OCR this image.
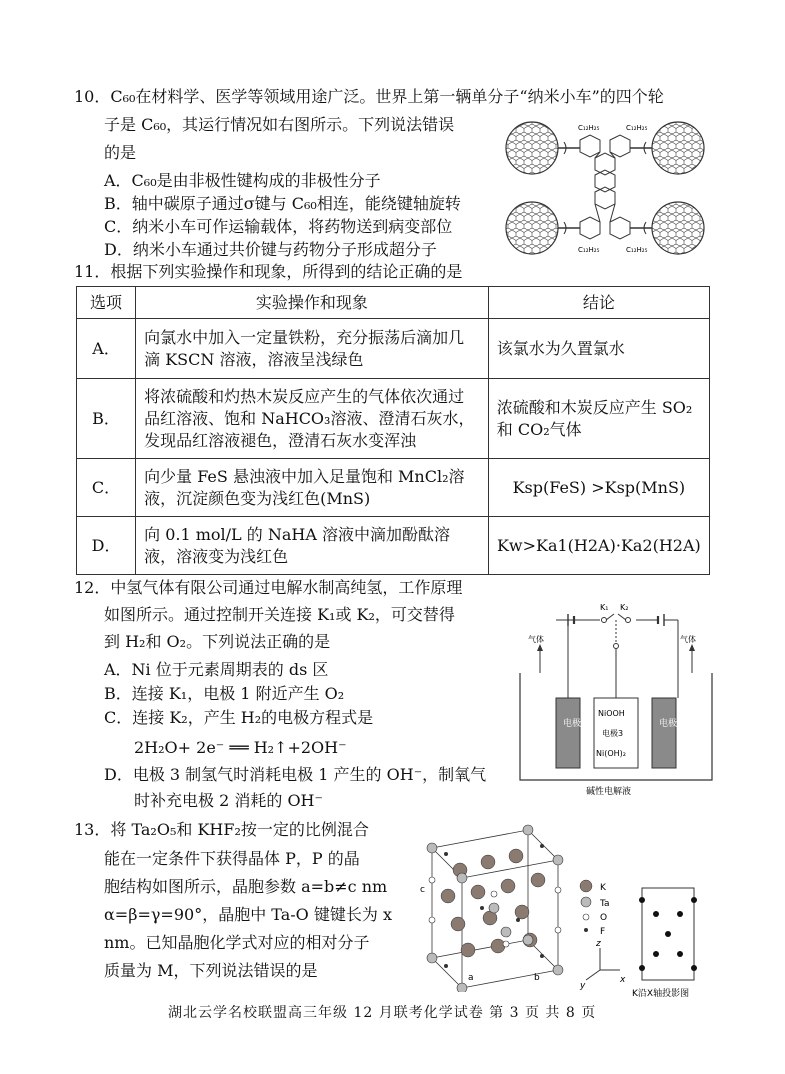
10．C₆₀在材料学、医学等领域用途广泛。世界上第一辆单分子“纳米小车”的四个轮
子是 C₆₀，其运行情况如右图所示。下列说法错误
的是
A．C₆₀是由非极性键构成的非极性分子
B．轴中碳原子通过σ键与 C₆₀相连，能绕键轴旋转
C．纳米小车可作运输载体，将药物送到病变部位
D．纳米小车通过共价键与药物分子形成超分子
C₁₂H₂₅	C₁₂H₂₅
C₁₂H₂₅	C₁₂H₂₅
11．根据下列实验操作和现象，所得到的结论正确的是
选项	实验操作和现象	结论
A．	向氯水中加入一定量铁粉，充分振荡后滴加几滴 KSCN 溶液，溶液呈浅绿色	该氯水为久置氯水
B．	将浓硫酸和灼热木炭反应产生的气体依次通过品红溶液、饱和 NaHCO₃溶液、澄清石灰水，发现品红溶液褪色，澄清石灰水变浑浊	浓硫酸和木炭反应产生 SO₂和 CO₂气体
C．	向少量 FeS 悬浊液中加入足量饱和 MnCl₂溶液，沉淀颜色变为浅红色(MnS)	Ksp(FeS) >Ksp(MnS)
D．	向 0.1 mol/L 的 NaHA 溶液中滴加酚酞溶液，溶液变为浅红色	Kw>Ka1(H2A)·Ka2(H2A)
12．中氢气体有限公司通过电解水制高纯氢，工作原理
如图所示。通过控制开关连接 K₁或 K₂，可交替得
到 H₂和 O₂。下列说法正确的是
A．Ni 位于元素周期表的 ds 区
B．连接 K₁，电极 1 附近产生 O₂
C．连接 K₂，产生 H₂的电极方程式是
2H₂O+ 2e⁻ ══ H₂↑+2OH⁻
D．电极 3 制氢气时消耗电极 1 产生的 OH⁻，制氧气
时补充电极 2 消耗的 OH⁻
K₁ K₂
气体	气体
电极1	电极2
NiOOH
电极3
Ni(OH)₂
碱性电解液
13．将 Ta₂O₅和 KHF₂按一定的比例混合
能在一定条件下获得晶体 P，P 的晶
胞结构如图所示，晶胞参数 a=b≠c nm
α=β=γ=90°，晶胞中 Ta-O 键键长为 x
nm。已知晶胞化学式对应的相对分子
质量为 M，下列说法错误的是
c
a	b
K
Ta
O
F
z
y
x
K沿X轴投影图
湖北云学名校联盟高三年级 12 月联考化学试卷 第 3 页 共 8 页
